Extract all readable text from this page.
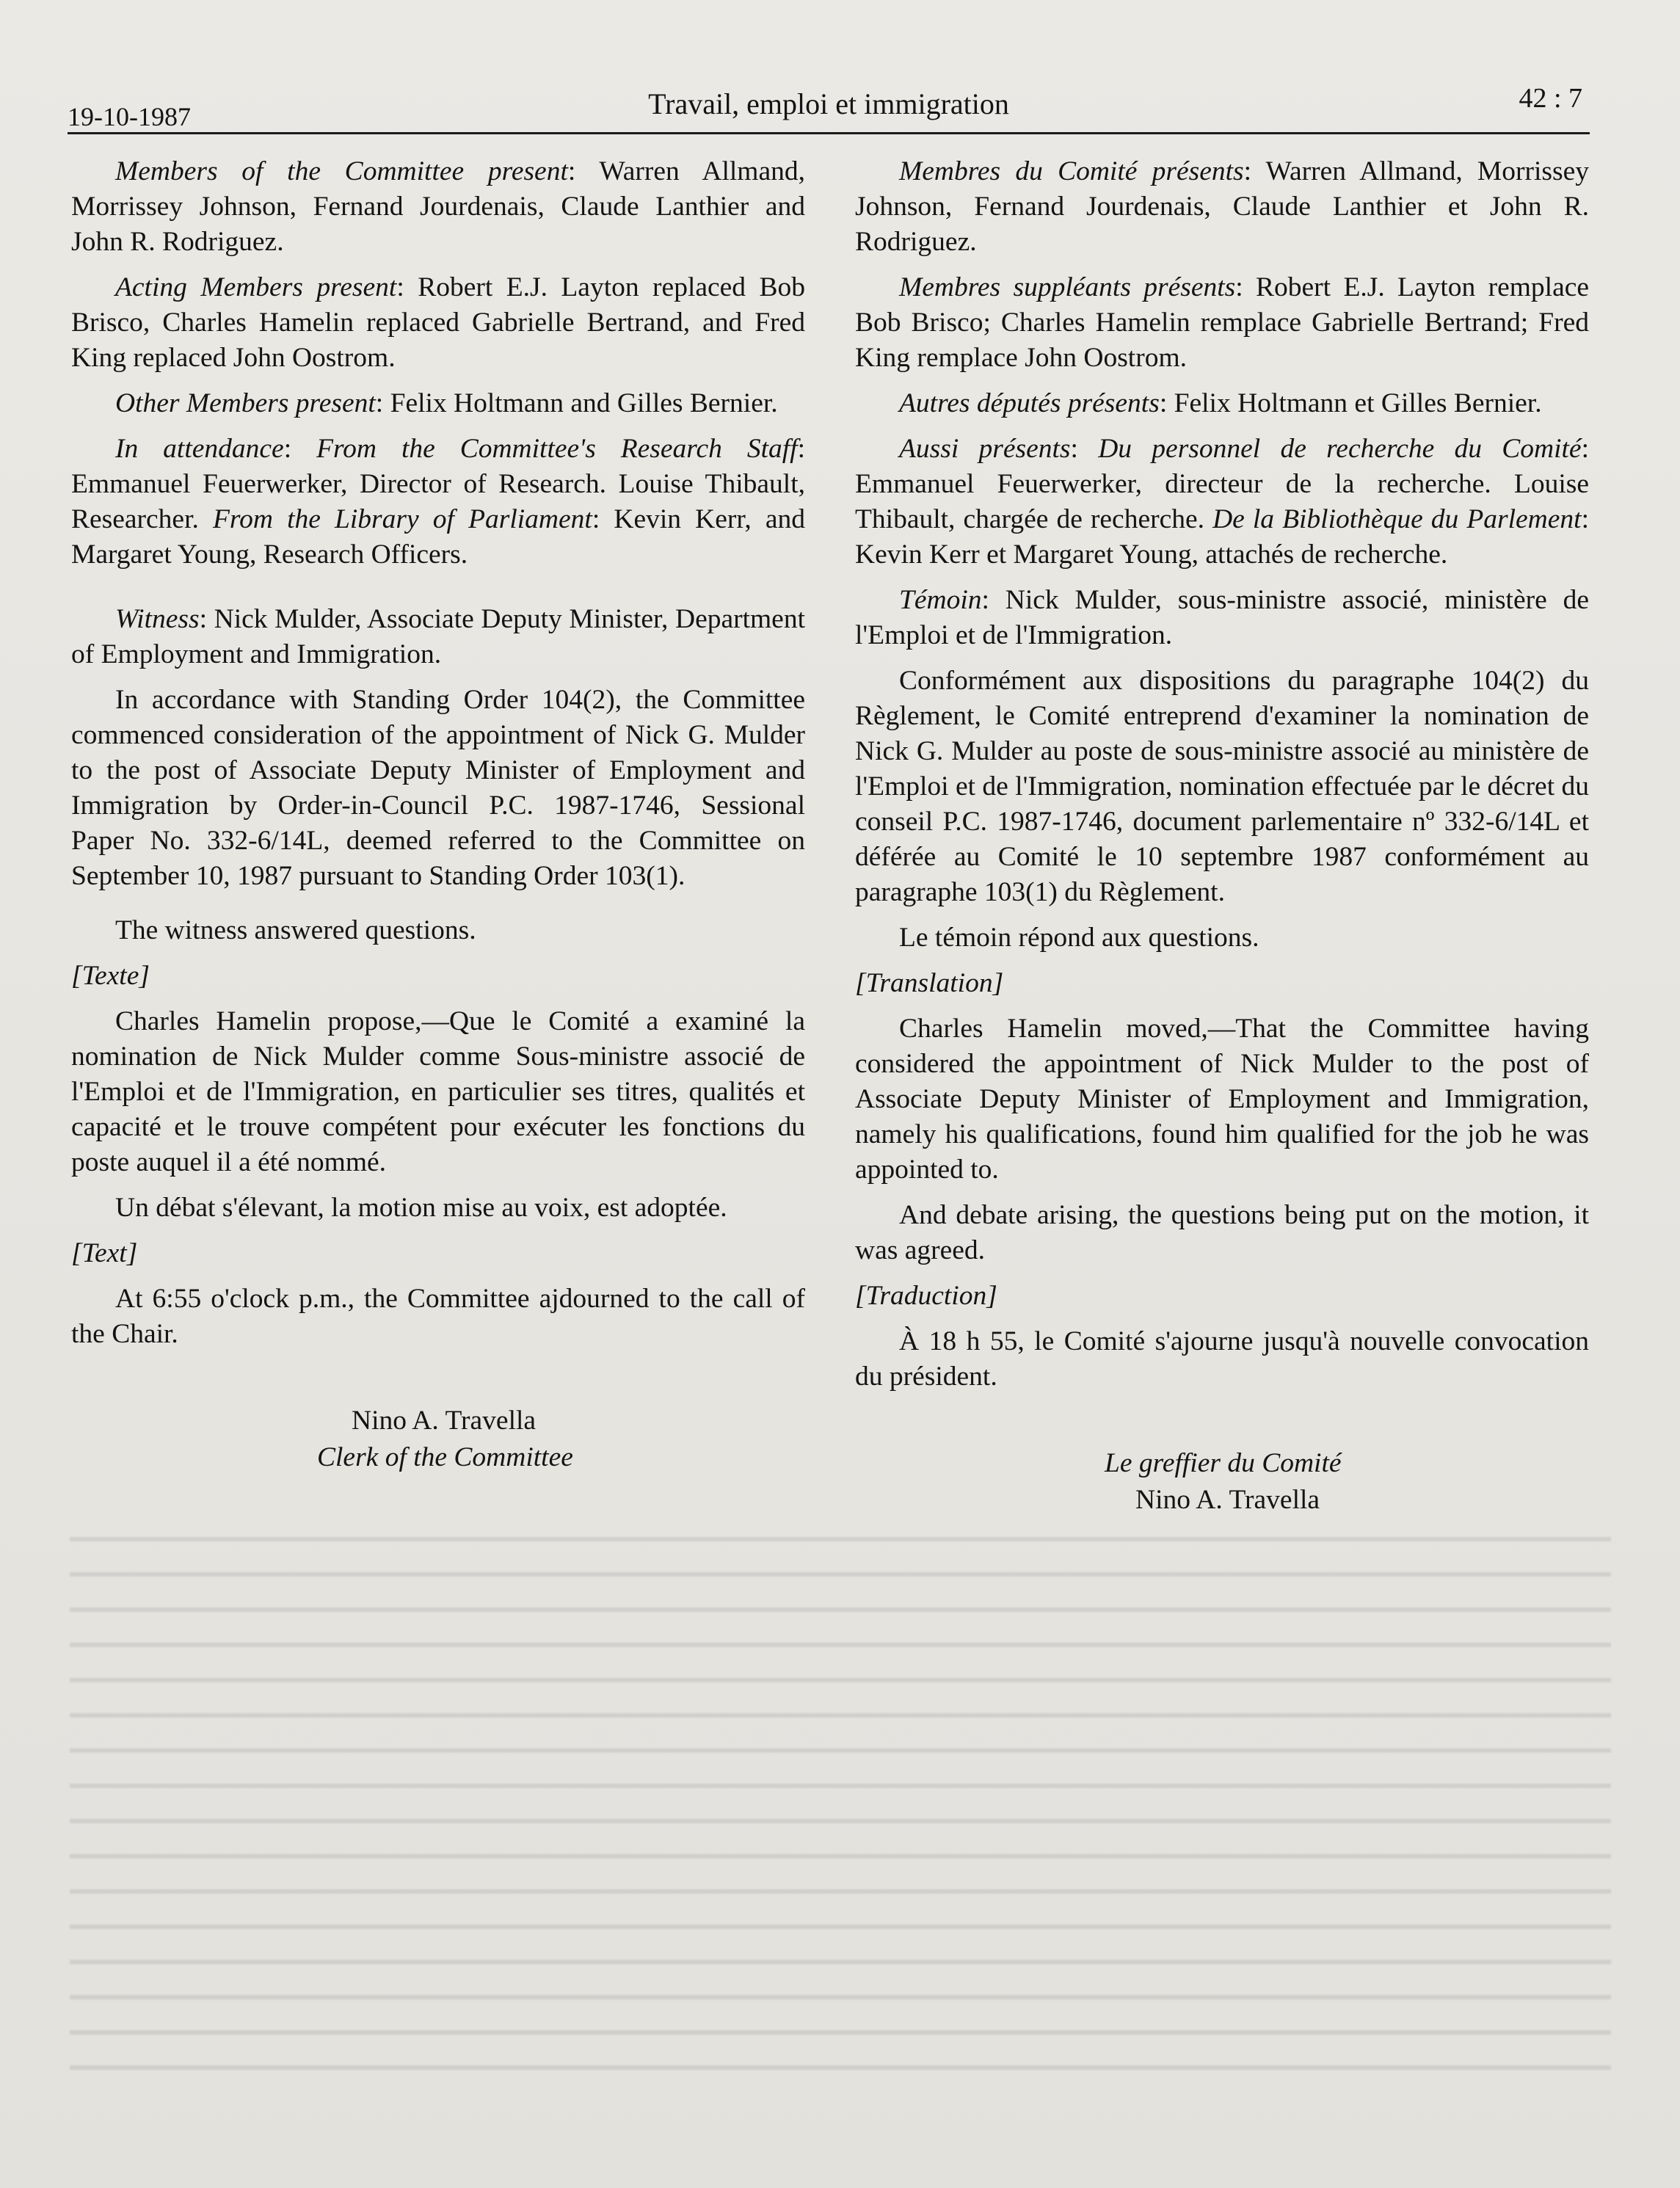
19-10-1987	Travail, emploi et immigration	42 : 7

Members of the Committee present: Warren Allmand, Morrissey Johnson, Fernand Jourdenais, Claude Lanthier and John R. Rodriguez.

Acting Members present: Robert E.J. Layton replaced Bob Brisco, Charles Hamelin replaced Gabrielle Bertrand, and Fred King replaced John Oostrom.

Other Members present: Felix Holtmann and Gilles Bernier.

In attendance: From the Committee's Research Staff: Emmanuel Feuerwerker, Director of Research. Louise Thibault, Researcher. From the Library of Parliament: Kevin Kerr, and Margaret Young, Research Officers.

Witness: Nick Mulder, Associate Deputy Minister, Department of Employment and Immigration.

In accordance with Standing Order 104(2), the Committee commenced consideration of the appointment of Nick G. Mulder to the post of Associate Deputy Minister of Employment and Immigration by Order-in-Council P.C. 1987-1746, Sessional Paper No. 332-6/14L, deemed referred to the Committee on September 10, 1987 pursuant to Standing Order 103(1).

The witness answered questions.

[Texte]

Charles Hamelin propose,—Que le Comité a examiné la nomination de Nick Mulder comme Sous-ministre associé de l'Emploi et de l'Immigration, en particulier ses titres, qualités et capacité et le trouve compétent pour exécuter les fonctions du poste auquel il a été nommé.

Un débat s'élevant, la motion mise au voix, est adoptée.

[Text]

At 6:55 o'clock p.m., the Committee ajdourned to the call of the Chair.

Nino A. Travella

Clerk of the Committee

Membres du Comité présents: Warren Allmand, Morrissey Johnson, Fernand Jourdenais, Claude Lanthier et John R. Rodriguez.

Membres suppléants présents: Robert E.J. Layton remplace Bob Brisco; Charles Hamelin remplace Gabrielle Bertrand; Fred King remplace John Oostrom.

Autres députés présents: Felix Holtmann et Gilles Bernier.

Aussi présents: Du personnel de recherche du Comité: Emmanuel Feuerwerker, directeur de la recherche. Louise Thibault, chargée de recherche. De la Bibliothèque du Parlement: Kevin Kerr et Margaret Young, attachés de recherche.

Témoin: Nick Mulder, sous-ministre associé, ministère de l'Emploi et de l'Immigration.

Conformément aux dispositions du paragraphe 104(2) du Règlement, le Comité entreprend d'examiner la nomination de Nick G. Mulder au poste de sous-ministre associé au ministère de l'Emploi et de l'Immigration, nomination effectuée par le décret du conseil P.C. 1987-1746, document parlementaire nº 332-6/14L et déférée au Comité le 10 septembre 1987 conformément au paragraphe 103(1) du Règlement.

Le témoin répond aux questions.

[Translation]

Charles Hamelin moved,—That the Committee having considered the appointment of Nick Mulder to the post of Associate Deputy Minister of Employment and Immigration, namely his qualifications, found him qualified for the job he was appointed to.

And debate arising, the questions being put on the motion, it was agreed.

[Traduction]

À 18 h 55, le Comité s'ajourne jusqu'à nouvelle convocation du président.

Le greffier du Comité

Nino A. Travella
